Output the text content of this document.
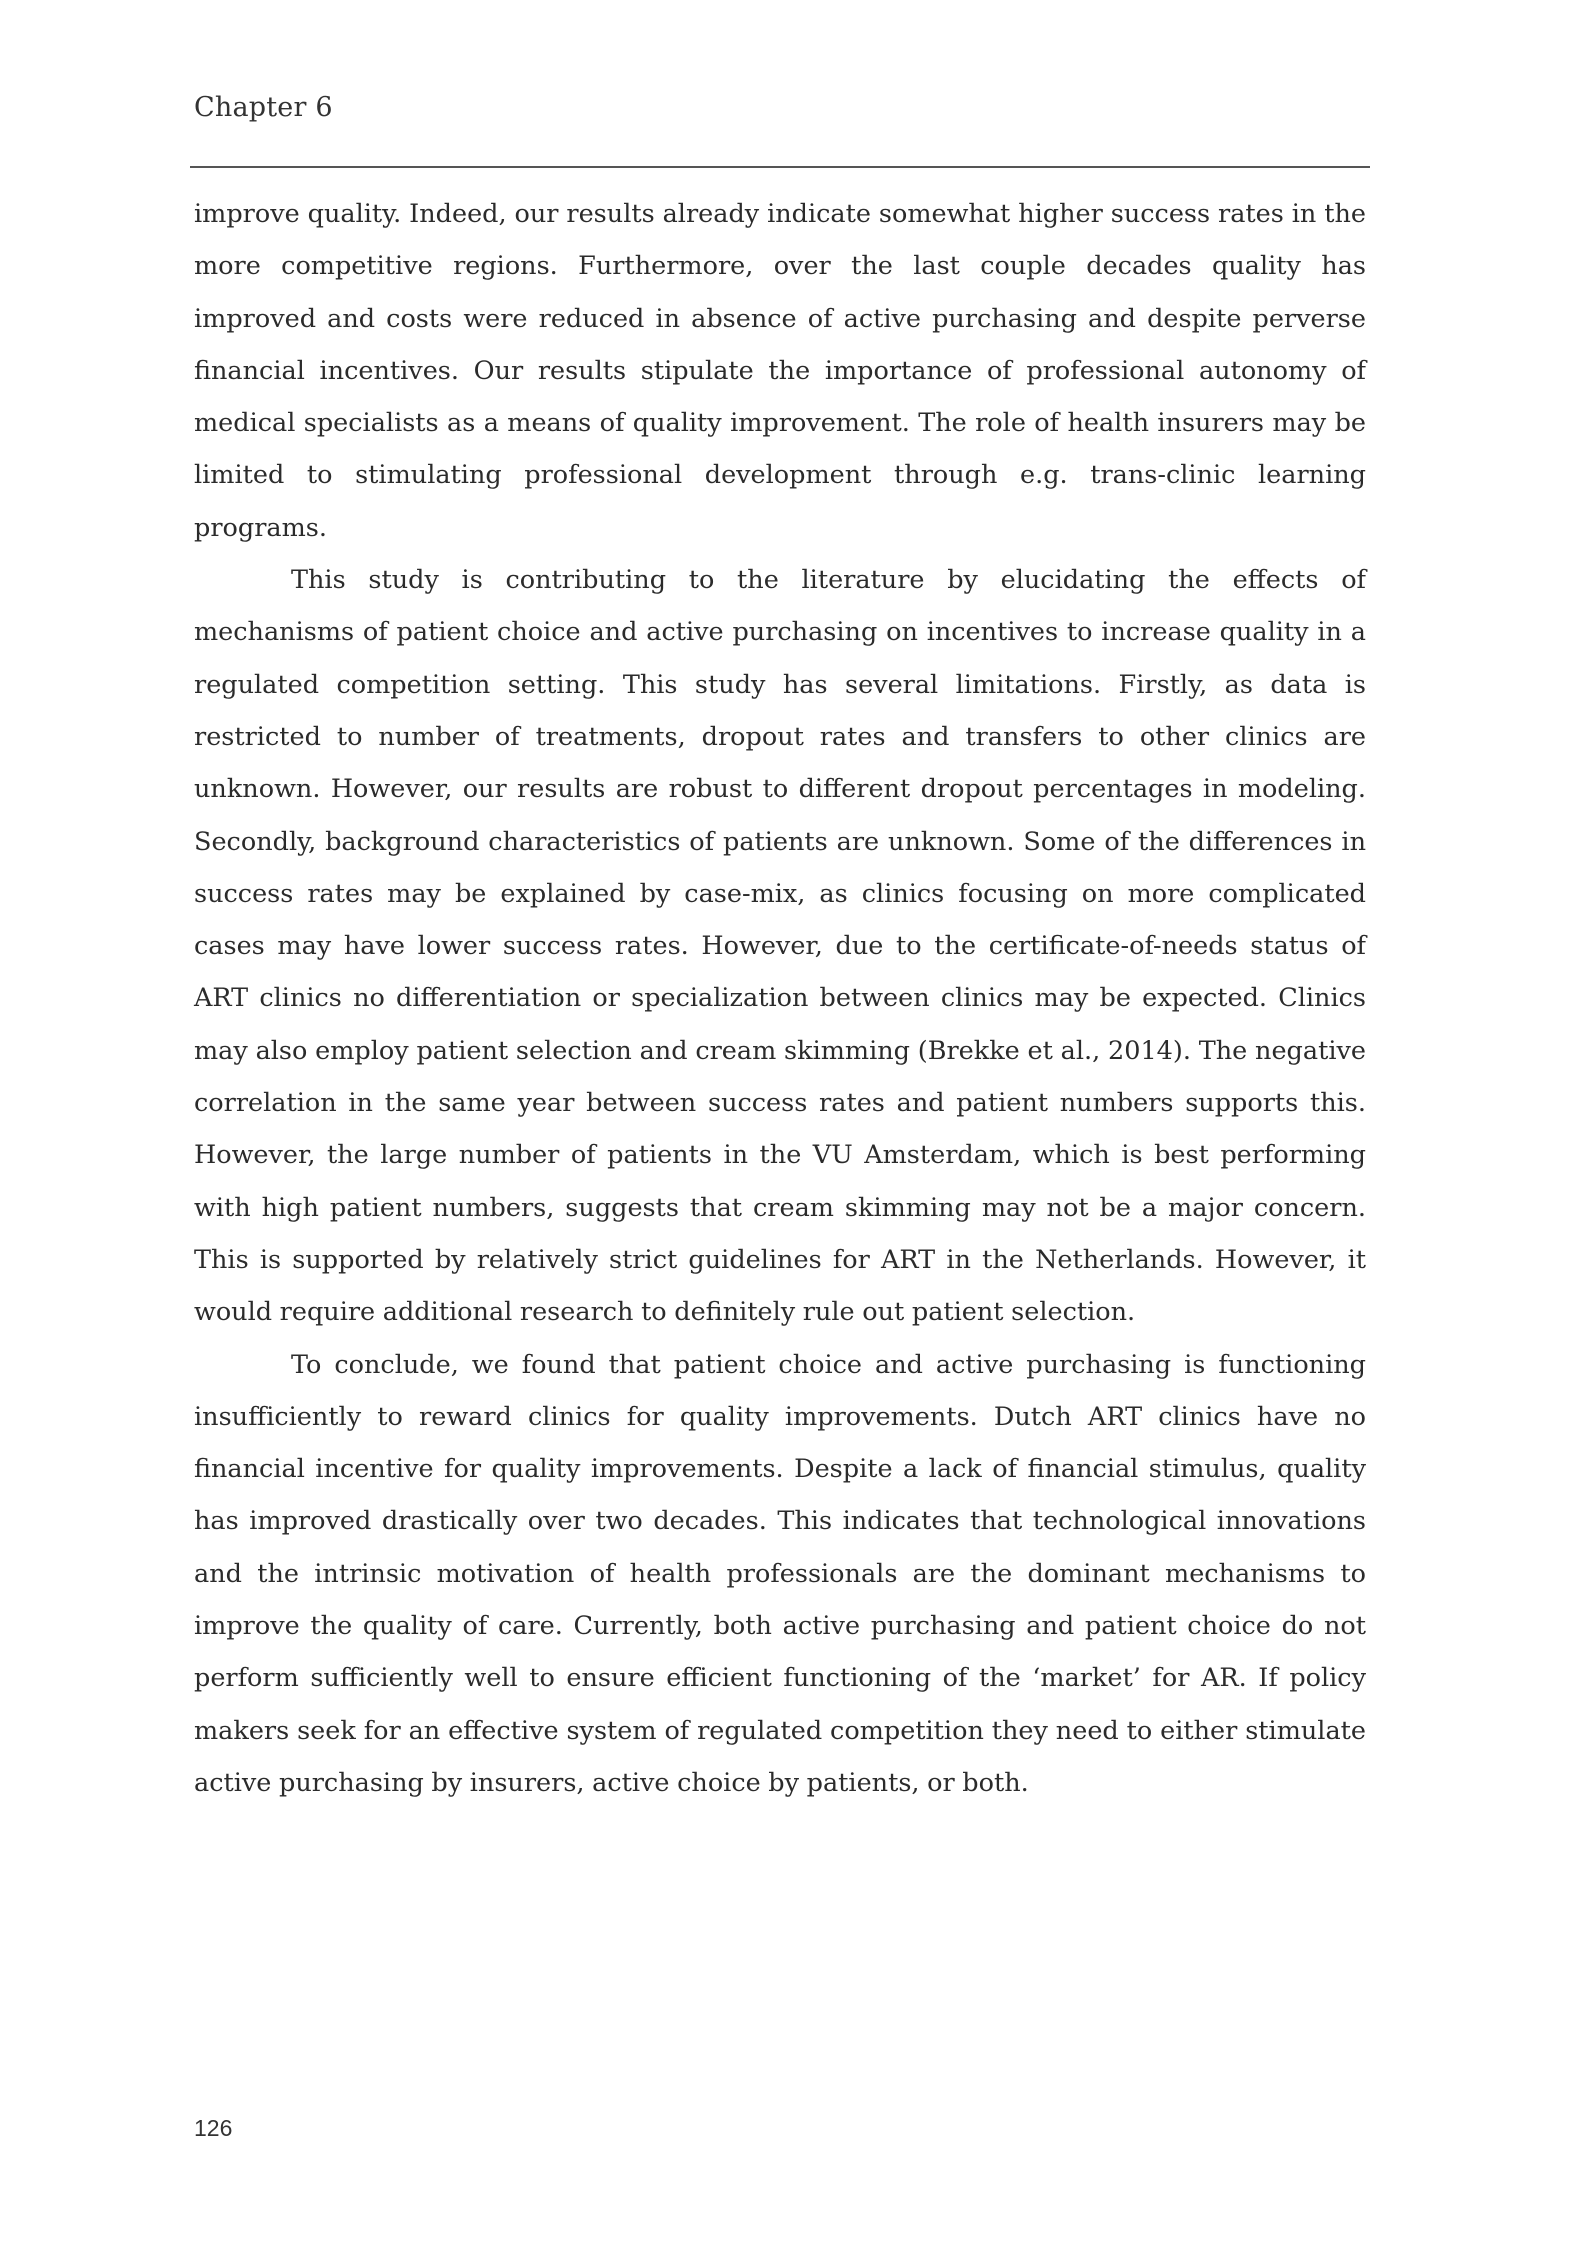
Chapter 6

improve quality. Indeed, our results already indicate somewhat higher success rates in the more competitive regions. Furthermore, over the last couple decades quality has improved and costs were reduced in absence of active purchasing and despite perverse financial incentives. Our results stipulate the importance of professional autonomy of medical specialists as a means of quality improvement. The role of health insurers may be limited to stimulating professional development through e.g. trans-clinic learning programs.

This study is contributing to the literature by elucidating the effects of mechanisms of patient choice and active purchasing on incentives to increase quality in a regulated competition setting. This study has several limitations. Firstly, as data is restricted to number of treatments, dropout rates and transfers to other clinics are unknown. However, our results are robust to different dropout percentages in modeling. Secondly, background characteristics of patients are unknown. Some of the differences in success rates may be explained by case-mix, as clinics focusing on more complicated cases may have lower success rates. However, due to the certificate-of-needs status of ART clinics no differentiation or specialization between clinics may be expected. Clinics may also employ patient selection and cream skimming (Brekke et al., 2014). The negative correlation in the same year between success rates and patient numbers supports this. However, the large number of patients in the VU Amsterdam, which is best performing with high patient numbers, suggests that cream skimming may not be a major concern. This is supported by relatively strict guidelines for ART in the Netherlands. However, it would require additional research to definitely rule out patient selection.

To conclude, we found that patient choice and active purchasing is functioning insufficiently to reward clinics for quality improvements. Dutch ART clinics have no financial incentive for quality improvements. Despite a lack of financial stimulus, quality has improved drastically over two decades. This indicates that technological innovations and the intrinsic motivation of health professionals are the dominant mechanisms to improve the quality of care. Currently, both active purchasing and patient choice do not perform sufficiently well to ensure efficient functioning of the ‘market’ for AR. If policy makers seek for an effective system of regulated competition they need to either stimulate active purchasing by insurers, active choice by patients, or both.

126
